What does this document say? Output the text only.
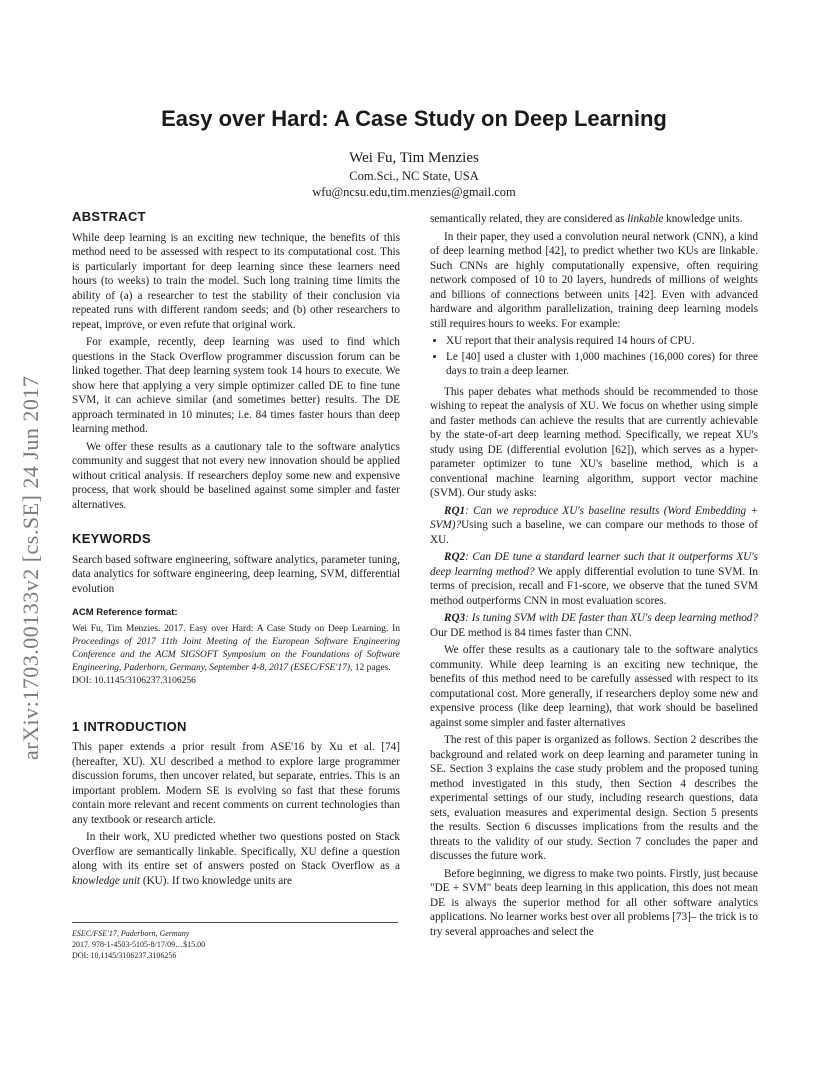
arXiv:1703.00133v2 [cs.SE] 24 Jun 2017
Easy over Hard: A Case Study on Deep Learning
Wei Fu, Tim Menzies
Com.Sci., NC State, USA
wfu@ncsu.edu,tim.menzies@gmail.com
ABSTRACT

While deep learning is an exciting new technique, the benefits of this method need to be assessed with respect to its computational cost. This is particularly important for deep learning since these learners need hours (to weeks) to train the model. Such long training time limits the ability of (a) a researcher to test the stability of their conclusion via repeated runs with different random seeds; and (b) other researchers to repeat, improve, or even refute that original work.

For example, recently, deep learning was used to find which questions in the Stack Overflow programmer discussion forum can be linked together. That deep learning system took 14 hours to execute. We show here that applying a very simple optimizer called DE to fine tune SVM, it can achieve similar (and sometimes better) results. The DE approach terminated in 10 minutes; i.e. 84 times faster hours than deep learning method.

We offer these results as a cautionary tale to the software analytics community and suggest that not every new innovation should be applied without critical analysis. If researchers deploy some new and expensive process, that work should be baselined against some simpler and faster alternatives.

KEYWORDS

Search based software engineering, software analytics, parameter tuning, data analytics for software engineering, deep learning, SVM, differential evolution

ACM Reference format:
Wei Fu, Tim Menzies. 2017. Easy over Hard: A Case Study on Deep Learning. In Proceedings of 2017 11th Joint Meeting of the European Software Engineering Conference and the ACM SIGSOFT Symposium on the Foundations of Software Engineering, Paderborn, Germany, September 4-8, 2017 (ESEC/FSE'17), 12 pages.
DOI: 10.1145/3106237.3106256
1 INTRODUCTION

This paper extends a prior result from ASE'16 by Xu et al. [74] (hereafter, XU). XU described a method to explore large programmer discussion forums, then uncover related, but separate, entries. This is an important problem. Modern SE is evolving so fast that these forums contain more relevant and recent comments on current technologies than any textbook or research article.

In their work, XU predicted whether two questions posted on Stack Overflow are semantically linkable. Specifically, XU define a question along with its entire set of answers posted on Stack Overflow as a knowledge unit (KU). If two knowledge units are

ESEC/FSE'17, Paderborn, Germany
2017. 978-1-4503-5105-8/17/09…$15.00
DOI: 10.1145/3106237.3106256

semantically related, they are considered as linkable knowledge units.

In their paper, they used a convolution neural network (CNN), a kind of deep learning method [42], to predict whether two KUs are linkable. Such CNNs are highly computationally expensive, often requiring network composed of 10 to 20 layers, hundreds of millions of weights and billions of connections between units [42]. Even with advanced hardware and algorithm parallelization, training deep learning models still requires hours to weeks. For example:

• XU report that their analysis required 14 hours of CPU.
• Le [40] used a cluster with 1,000 machines (16,000 cores) for three days to train a deep learner.

This paper debates what methods should be recommended to those wishing to repeat the analysis of XU. We focus on whether using simple and faster methods can achieve the results that are currently achievable by the state-of-art deep learning method. Specifically, we repeat XU's study using DE (differential evolution [62]), which serves as a hyper-parameter optimizer to tune XU's baseline method, which is a conventional machine learning algorithm, support vector machine (SVM). Our study asks:

RQ1: Can we reproduce XU's baseline results (Word Embedding + SVM)?Using such a baseline, we can compare our methods to those of XU.

RQ2: Can DE tune a standard learner such that it outperforms XU's deep learning method? We apply differential evolution to tune SVM. In terms of precision, recall and F1-score, we observe that the tuned SVM method outperforms CNN in most evaluation scores.

RQ3: Is tuning SVM with DE faster than XU's deep learning method? Our DE method is 84 times faster than CNN.

We offer these results as a cautionary tale to the software analytics community. While deep learning is an exciting new technique, the benefits of this method need to be carefully assessed with respect to its computational cost. More generally, if researchers deploy some new and expensive process (like deep learning), that work should be baselined against some simpler and faster alternatives

The rest of this paper is organized as follows. Section 2 describes the background and related work on deep learning and parameter tuning in SE. Section 3 explains the case study problem and the proposed tuning method investigated in this study, then Section 4 describes the experimental settings of our study, including research questions, data sets, evaluation measures and experimental design. Section 5 presents the results. Section 6 discusses implications from the results and the threats to the validity of our study. Section 7 concludes the paper and discusses the future work.

Before beginning, we digress to make two points. Firstly, just because "DE + SVM" beats deep learning in this application, this does not mean DE is always the superior method for all other software analytics applications. No learner works best over all problems [73]– the trick is to try several approaches and select the
